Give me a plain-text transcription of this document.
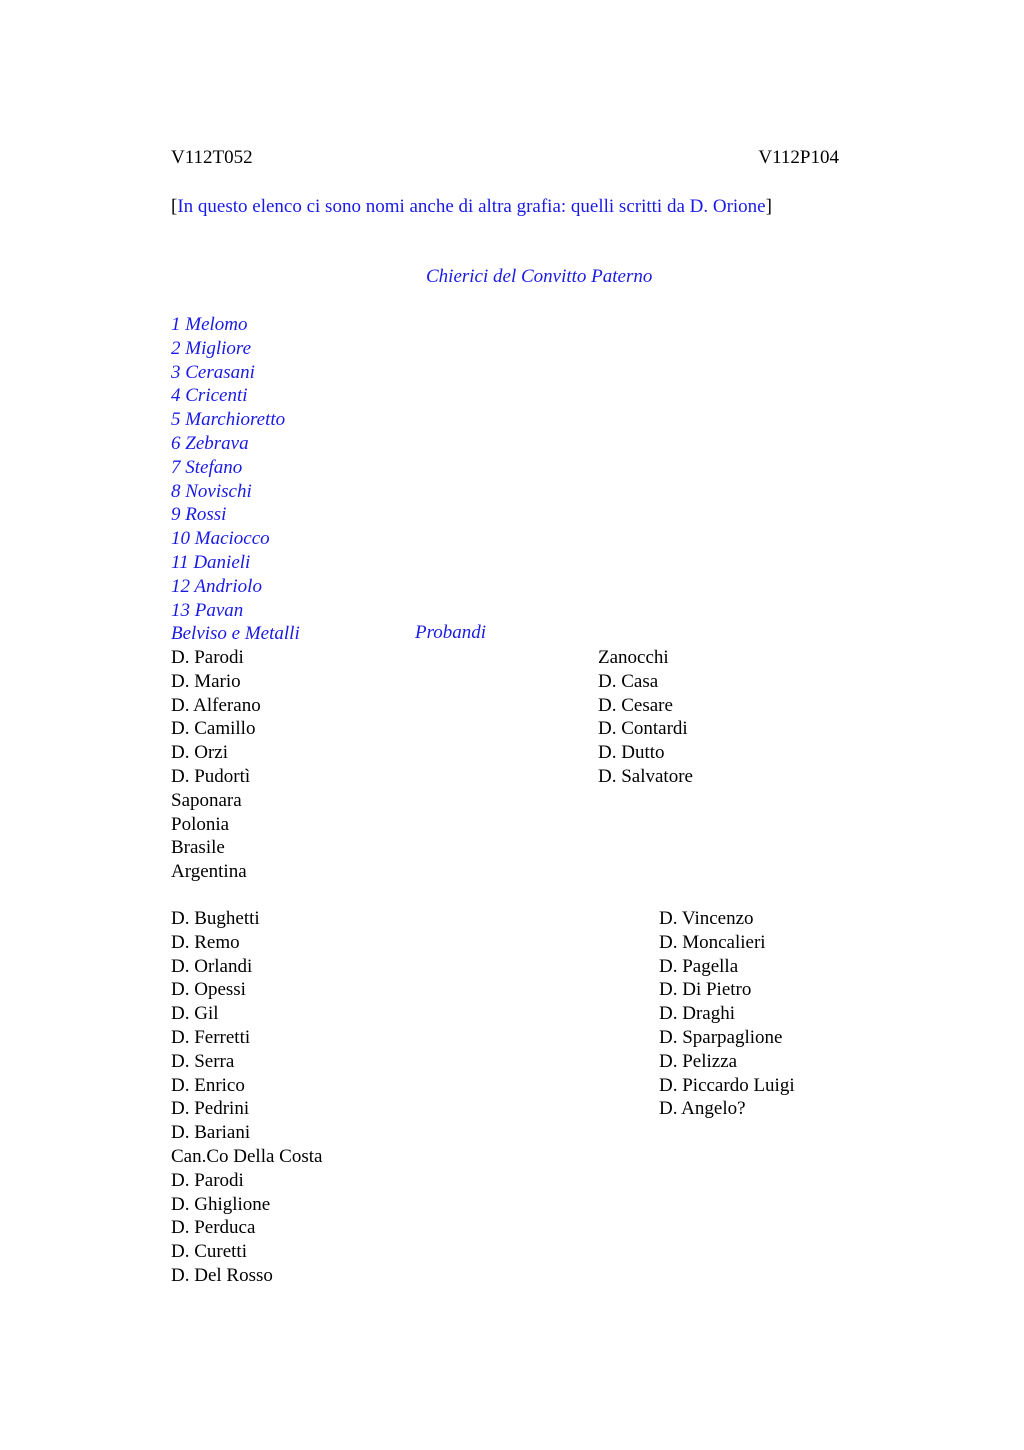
V112T052	V112P104
[In questo elenco ci sono nomi anche di altra grafia: quelli scritti da D. Orione]
Chierici del Convitto Paterno
1 Melomo
2 Migliore
3 Cerasani
4 Cricenti
5 Marchioretto
6 Zebrava
7 Stefano
8 Novischi
9 Rossi
10 Maciocco
11 Danieli
12 Andriolo
13 Pavan
Belviso e Metalli	Probandi
D. Parodi
D. Mario
D. Alferano
D. Camillo
D. Orzi
D. Pudortì
Saponara
Polonia
Brasile
Argentina
Zanocchi
D. Casa
D. Cesare
D. Contardi
D. Dutto
D. Salvatore
D. Bughetti
D. Remo
D. Orlandi
D. Opessi
D. Gil
D. Ferretti
D. Serra
D. Enrico
D. Pedrini
D. Bariani
Can.Co Della Costa
D. Parodi
D. Ghiglione
D. Perduca
D. Curetti
D. Del Rosso
D. Vincenzo
D. Moncalieri
D. Pagella
D. Di Pietro
D. Draghi
D. Sparpaglione
D. Pelizza
D. Piccardo Luigi
D. Angelo?
